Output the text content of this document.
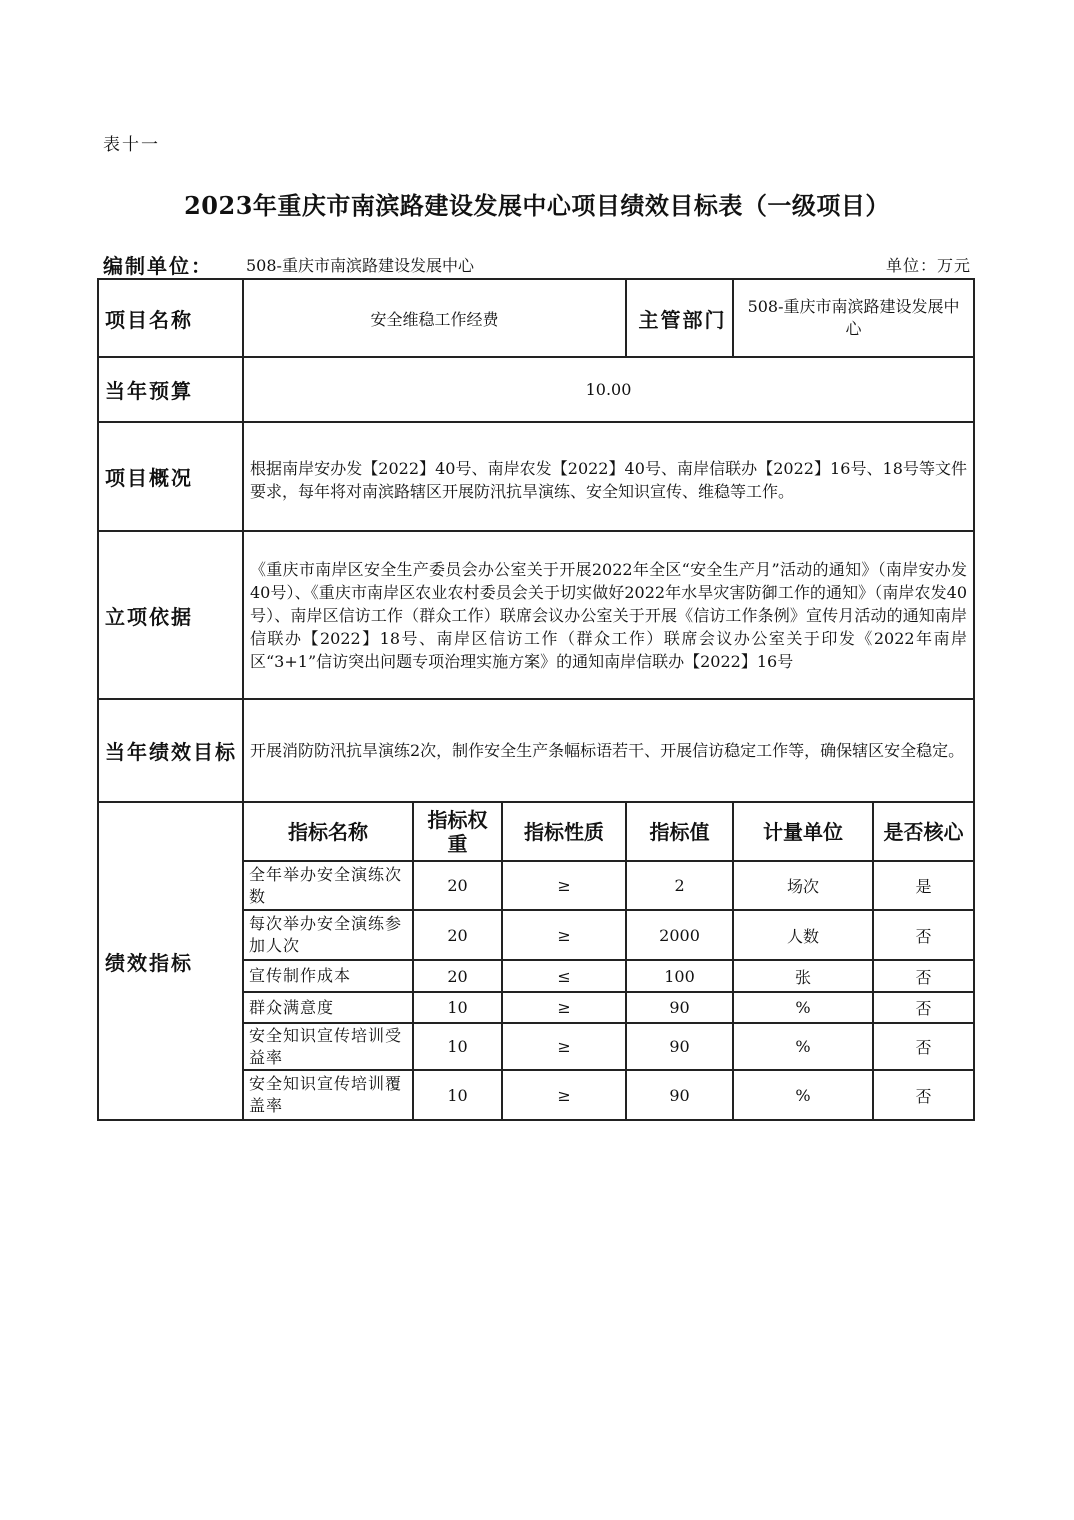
表十一
2023年重庆市南滨路建设发展中心项目绩效目标表（一级项目）
编制单位： 508-重庆市南滨路建设发展中心	单位：万元
项目名称	安全维稳工作经费			主管部门	508-重庆市南滨路建设发展中心	
当年预算	10.00					
项目概况	根据南岸安办发【2022】40号、南岸农发【2022】40号、南岸信联办【2022】16号、18号等文件要求，每年将对南滨路辖区开展防汛抗旱演练、安全知识宣传、维稳等工作。					
立项依据	《重庆市南岸区安全生产委员会办公室关于开展2022年全区“安全生产月”活动的通知》（南岸安办发40号）、《重庆市南岸区农业农村委员会关于切实做好2022年水旱灾害防御工作的通知》（南岸农发40号）、南岸区信访工作（群众工作）联席会议办公室关于开展《信访工作条例》宣传月活动的通知南岸信联办【2022】18号、南岸区信访工作（群众工作）联席会议办公室关于印发《2022年南岸区“3+1”信访突出问题专项治理实施方案》的通知南岸信联办【2022】16号					
当年绩效目标	开展消防防汛抗旱演练2次，制作安全生产条幅标语若干、开展信访稳定工作等，确保辖区安全稳定。					
绩效指标	指标名称	指标权重	指标性质	指标值	计量单位	是否核心
	全年举办安全演练次数	20	≥	2	场次	是
	每次举办安全演练参加人次	20	≥	2000	人数	否
	宣传制作成本	20	≤	100	张	否
	群众满意度	10	≥	90	%	否
	安全知识宣传培训受益率	10	≥	90	%	否
	安全知识宣传培训覆盖率	10	≥	90	%	否
